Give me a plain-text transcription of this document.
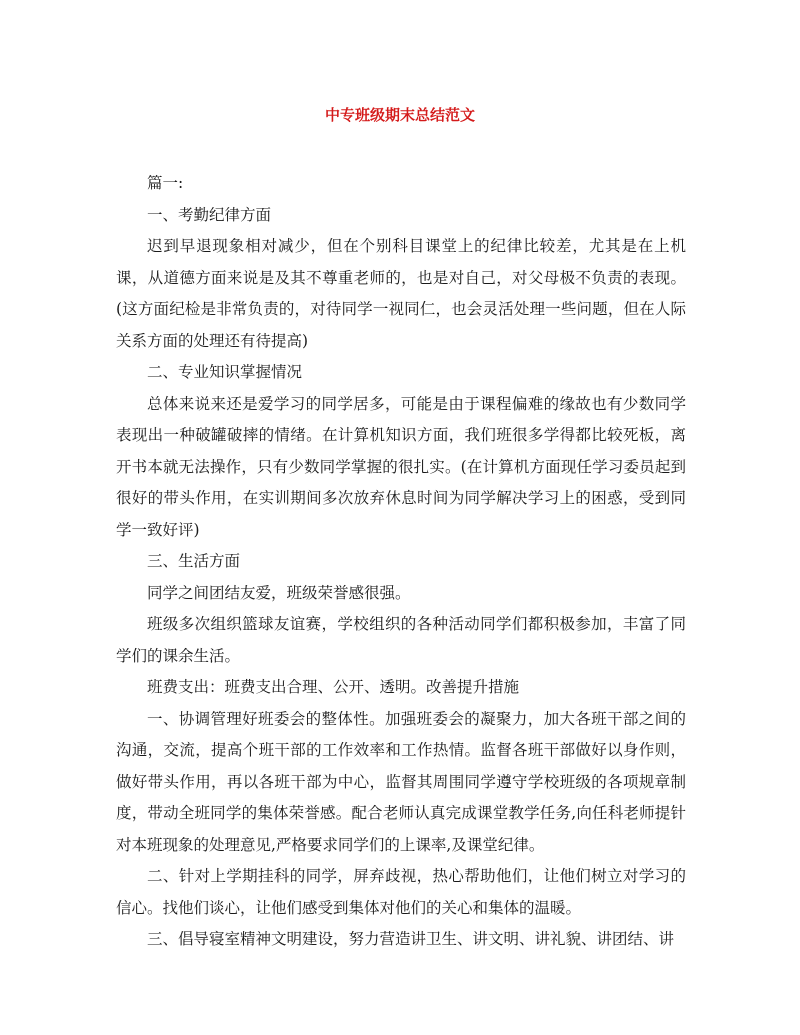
中专班级期末总结范文

篇一:

一、考勤纪律方面

迟到早退现象相对减少，但在个别科目课堂上的纪律比较差，尤其是在上机课，从道德方面来说是及其不尊重老师的，也是对自己，对父母极不负责的表现。(这方面纪检是非常负责的，对待同学一视同仁，也会灵活处理一些问题，但在人际关系方面的处理还有待提高)

二、专业知识掌握情况

总体来说来还是爱学习的同学居多，可能是由于课程偏难的缘故也有少数同学表现出一种破罐破摔的情绪。在计算机知识方面，我们班很多学得都比较死板，离开书本就无法操作，只有少数同学掌握的很扎实。(在计算机方面现任学习委员起到很好的带头作用，在实训期间多次放弃休息时间为同学解决学习上的困惑，受到同学一致好评)

三、生活方面

同学之间团结友爱，班级荣誉感很强。

班级多次组织篮球友谊赛，学校组织的各种活动同学们都积极参加，丰富了同学们的课余生活。

班费支出：班费支出合理、公开、透明。改善提升措施

一、协调管理好班委会的整体性。加强班委会的凝聚力，加大各班干部之间的沟通，交流，提高个班干部的工作效率和工作热情。监督各班干部做好以身作则，做好带头作用，再以各班干部为中心，监督其周围同学遵守学校班级的各项规章制度，带动全班同学的集体荣誉感。配合老师认真完成课堂教学任务,向任科老师提针对本班现象的处理意见,严格要求同学们的上课率,及课堂纪律。

二、针对上学期挂科的同学，屏弃歧视，热心帮助他们，让他们树立对学习的信心。找他们谈心，让他们感受到集体对他们的关心和集体的温暖。

三、倡导寝室精神文明建设，努力营造讲卫生、讲文明、讲礼貌、讲团结、讲
